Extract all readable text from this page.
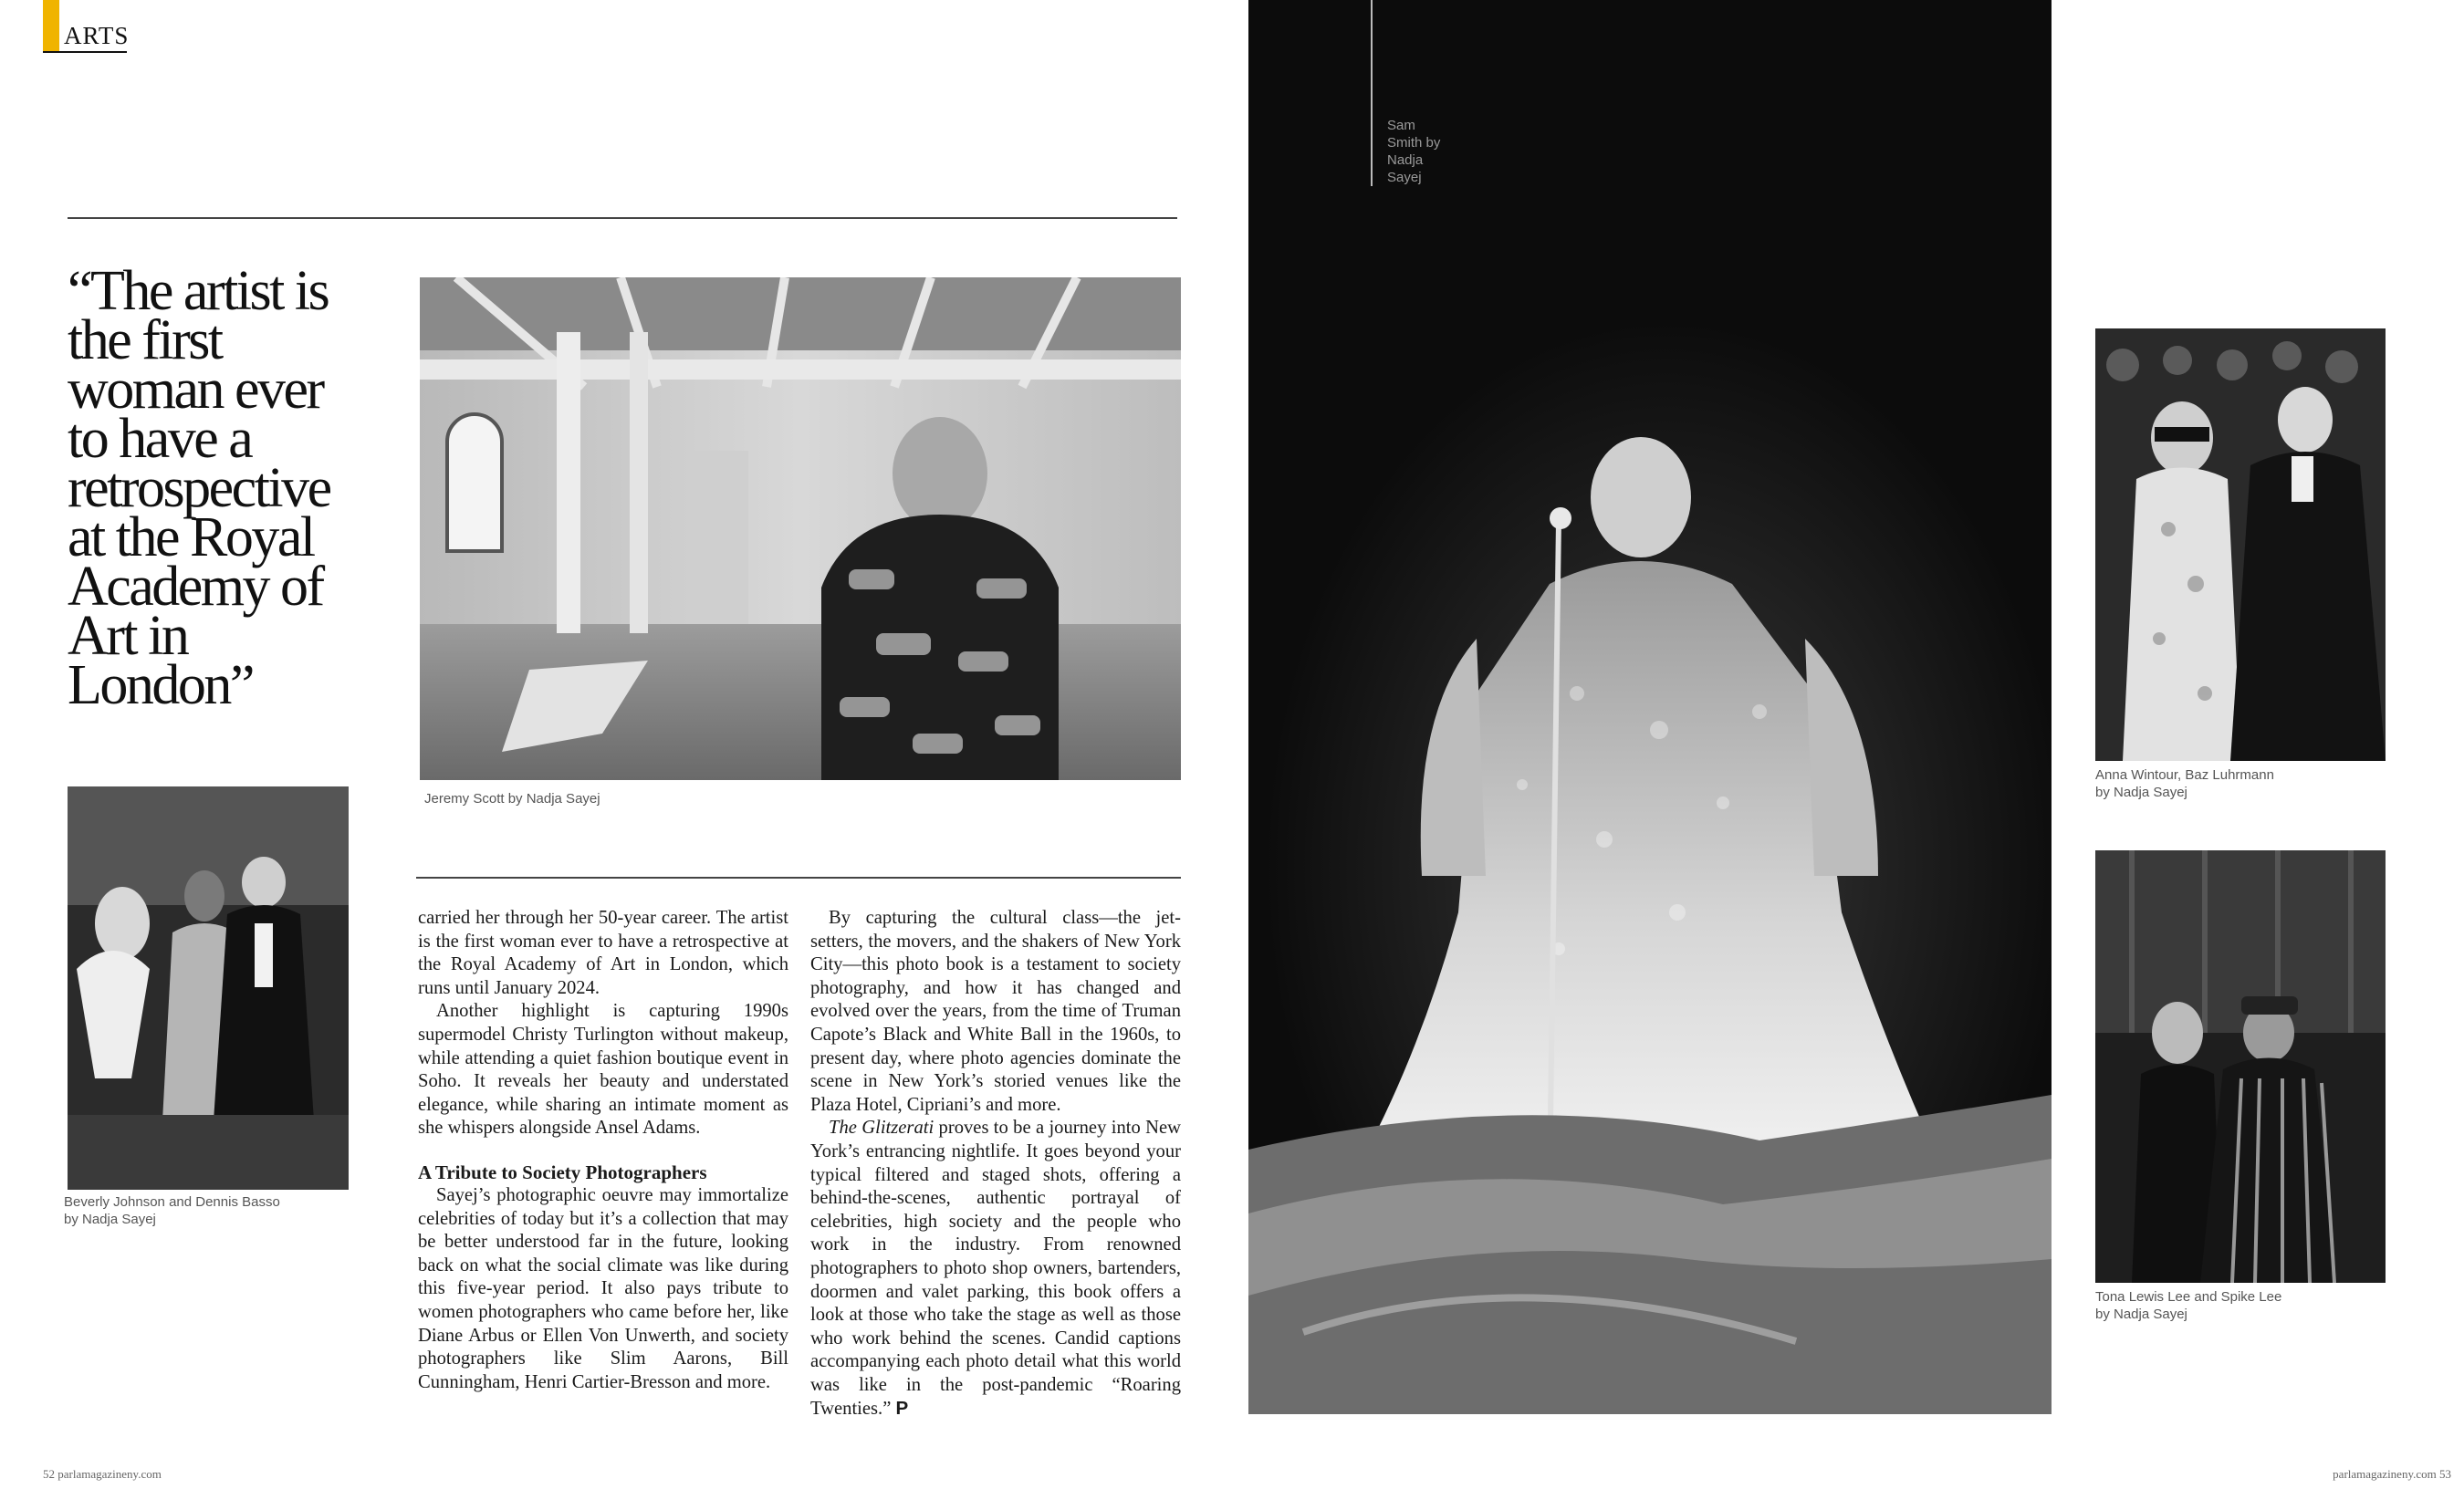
ARTS
“The artist is the first woman ever to have a retrospective at the Royal Academy of Art in London”

Jeremy Scott by Nadja Sayej

Beverly Johnson and Dennis Basso
by Nadja Sayej

carried her through her 50-year career. The artist is the first woman ever to have a retrospective at the Royal Academy of Art in London, which runs until January 2024.

Another highlight is capturing 1990s supermodel Christy Turlington without makeup, while attending a quiet fashion boutique event in Soho. It reveals her beauty and understated elegance, while sharing an intimate moment as she whispers alongside Ansel Adams.

A Tribute to Society Photographers

Sayej’s photographic oeuvre may immortalize celebrities of today but it’s a collection that may be better understood far in the future, looking back on what the social climate was like during this five-year period. It also pays tribute to women photographers who came before her, like Diane Arbus or Ellen Von Unwerth, and society photographers like Slim Aarons, Bill Cunningham, Henri Cartier-Bresson and more.

By capturing the cultural class—the jet-setters, the movers, and the shakers of New York City—this photo book is a testament to society photography, and how it has changed and evolved over the years, from the time of Truman Capote’s Black and White Ball in the 1960s, to present day, where photo agencies dominate the scene in New York’s storied venues like the Plaza Hotel, Cipriani’s and more.

The Glitzerati proves to be a journey into New York’s entrancing nightlife. It goes beyond your typical filtered and staged shots, offering a behind-the-scenes, authentic portrayal of celebrities, high society and the people who work in the industry. From renowned photographers to photo shop owners, bartenders, doormen and valet parking, this book offers a look at those who take the stage as well as those who work behind the scenes. Candid captions accompanying each photo detail what this world was like in the post-pandemic “Roaring Twenties.” P

Sam
Smith by
Nadja
Sayej

Anna Wintour, Baz Luhrmann
by Nadja Sayej

Tona Lewis Lee and Spike Lee
by Nadja Sayej

52 parlamagazineny.com	parlamagazineny.com 53
